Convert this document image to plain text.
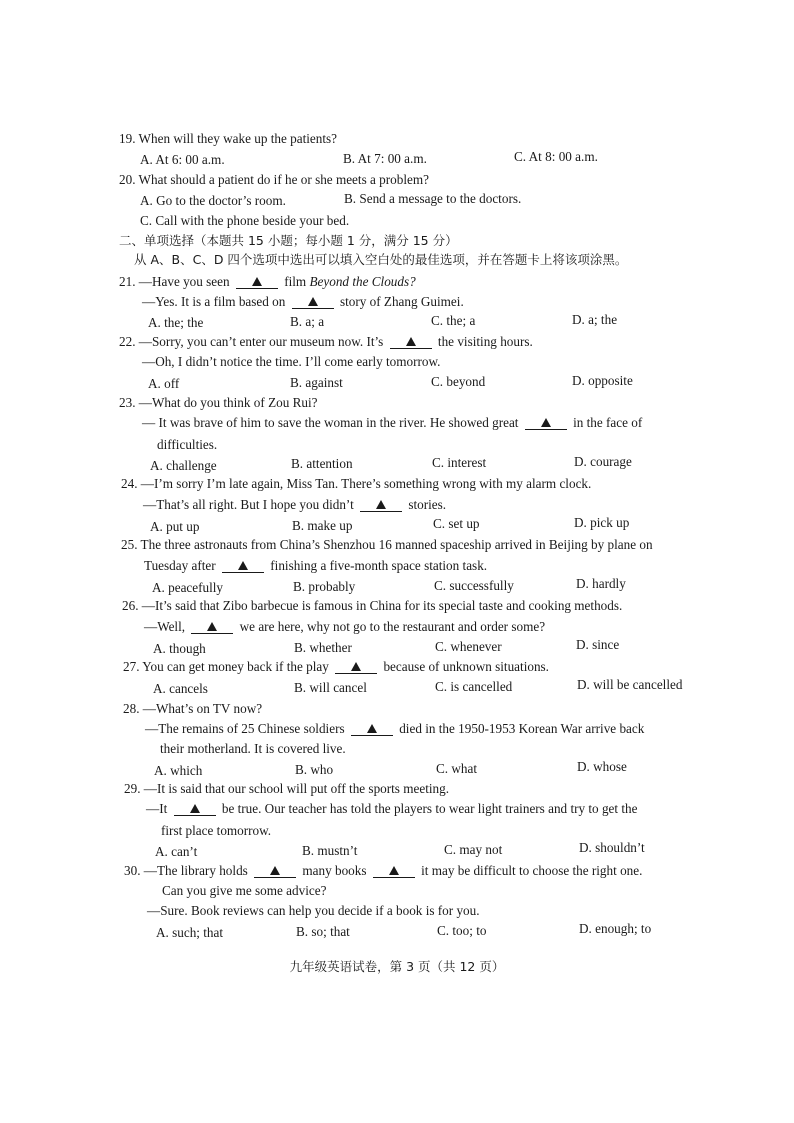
19. When will they wake up the patients?
A. At 6: 00 a.m.	B. At 7: 00 a.m.	C. At 8: 00 a.m.
20. What should a patient do if he or she meets a problem?
A. Go to the doctor’s room.	B. Send a message to the doctors.
C. Call with the phone beside your bed.
二、单项选择（本题共 15 小题；每小题 1 分，满分 15 分）
从 A、B、C、D 四个选项中选出可以填入空白处的最佳选项，并在答题卡上将该项涂黑。
21. —Have you seen	film Beyond the Clouds?
—Yes. It is a film based on	story of Zhang Guimei.
A. the; the	B. a; a	C. the; a	D. a; the
22. —Sorry, you can’t enter our museum now. It’s	the visiting hours.
—Oh, I didn’t notice the time. I’ll come early tomorrow.
A. off	B. against	C. beyond	D. opposite
23. —What do you think of Zou Rui?
— It was brave of him to save the woman in the river. He showed great	in the face of
difficulties.
A. challenge	B. attention	C. interest	D. courage
24. —I’m sorry I’m late again, Miss Tan. There’s something wrong with my alarm clock.
—That’s all right. But I hope you didn’t	stories.
A. put up	B. make up	C. set up	D. pick up
25. The three astronauts from China’s Shenzhou 16 manned spaceship arrived in Beijing by plane on
Tuesday after	finishing a five-month space station task.
A. peacefully	B. probably	C. successfully	D. hardly
26. —It’s said that Zibo barbecue is famous in China for its special taste and cooking methods.
—Well,	we are here, why not go to the restaurant and order some?
A. though	B. whether	C. whenever	D. since
27. You can get money back if the play	because of unknown situations.
A. cancels	B. will cancel	C. is cancelled	D. will be cancelled
28. —What’s on TV now?
—The remains of 25 Chinese soldiers	died in the 1950-1953 Korean War arrive back
their motherland. It is covered live.
A. which	B. who	C. what	D. whose
29. —It is said that our school will put off the sports meeting.
—It	be true. Our teacher has told the players to wear light trainers and try to get the
first place tomorrow.
A. can’t	B. mustn’t	C. may not	D. shouldn’t
30. —The library holds	many books	it may be difficult to choose the right one.
Can you give me some advice?
—Sure. Book reviews can help you decide if a book is for you.
A. such; that	B. so; that	C. too; to	D. enough; to
九年级英语试卷，第 3 页（共 12 页）
